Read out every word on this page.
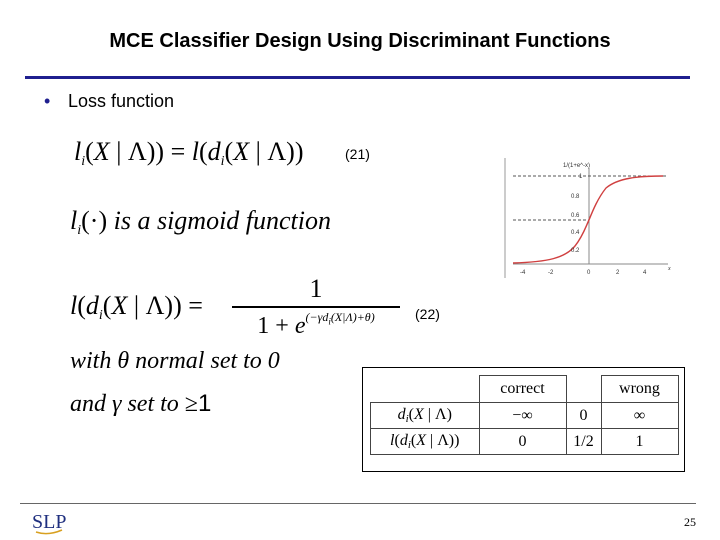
MCE Classifier Design Using Discriminant Functions
• Loss function
$l_i(X$ | $\Lambda)) = l(d_i(X$ | Λ))	(21)
$l_i(\cdot)$ is a sigmoid function
$l(d_i(X$ | Λ)) =
1
$1 + e^{(-\gamma d_i(X|\Lambda)+\theta)}$	(22)
with θ normal set to 0
and γ set to ≥1
1/(1+e^-x)
1
0.8
0.6
0.4
0.2
-4	-2	0	2	4
x
	correct		wrong
di(X | Λ)	−∞	0	∞
l(di(X | Λ))	0	1/2	1
SLP	25
